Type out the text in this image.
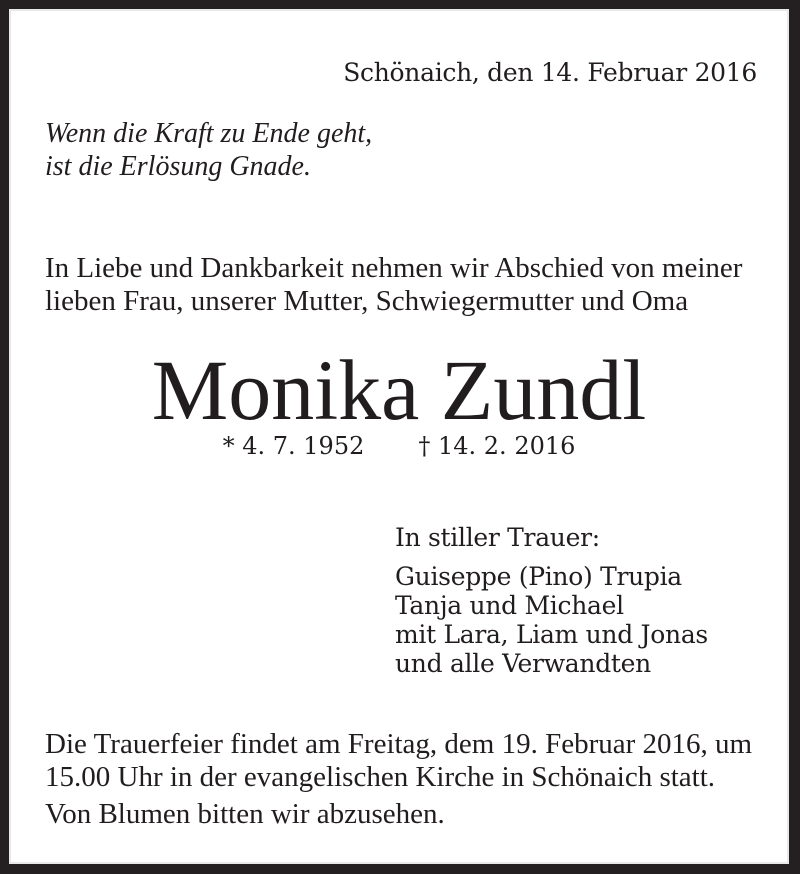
Schönaich, den 14. Februar 2016
Wenn die Kraft zu Ende geht,
ist die Erlösung Gnade.
In Liebe und Dankbarkeit nehmen wir Abschied von meiner
lieben Frau, unserer Mutter, Schwiegermutter und Oma
Monika Zundl
* 4. 7. 1952 † 14. 2. 2016
In stiller Trauer:
Guiseppe (Pino) Trupia
Tanja und Michael
mit Lara, Liam und Jonas
und alle Verwandten
Die Trauerfeier findet am Freitag, dem 19. Februar 2016, um
15.00 Uhr in der evangelischen Kirche in Schönaich statt.
Von Blumen bitten wir abzusehen.
